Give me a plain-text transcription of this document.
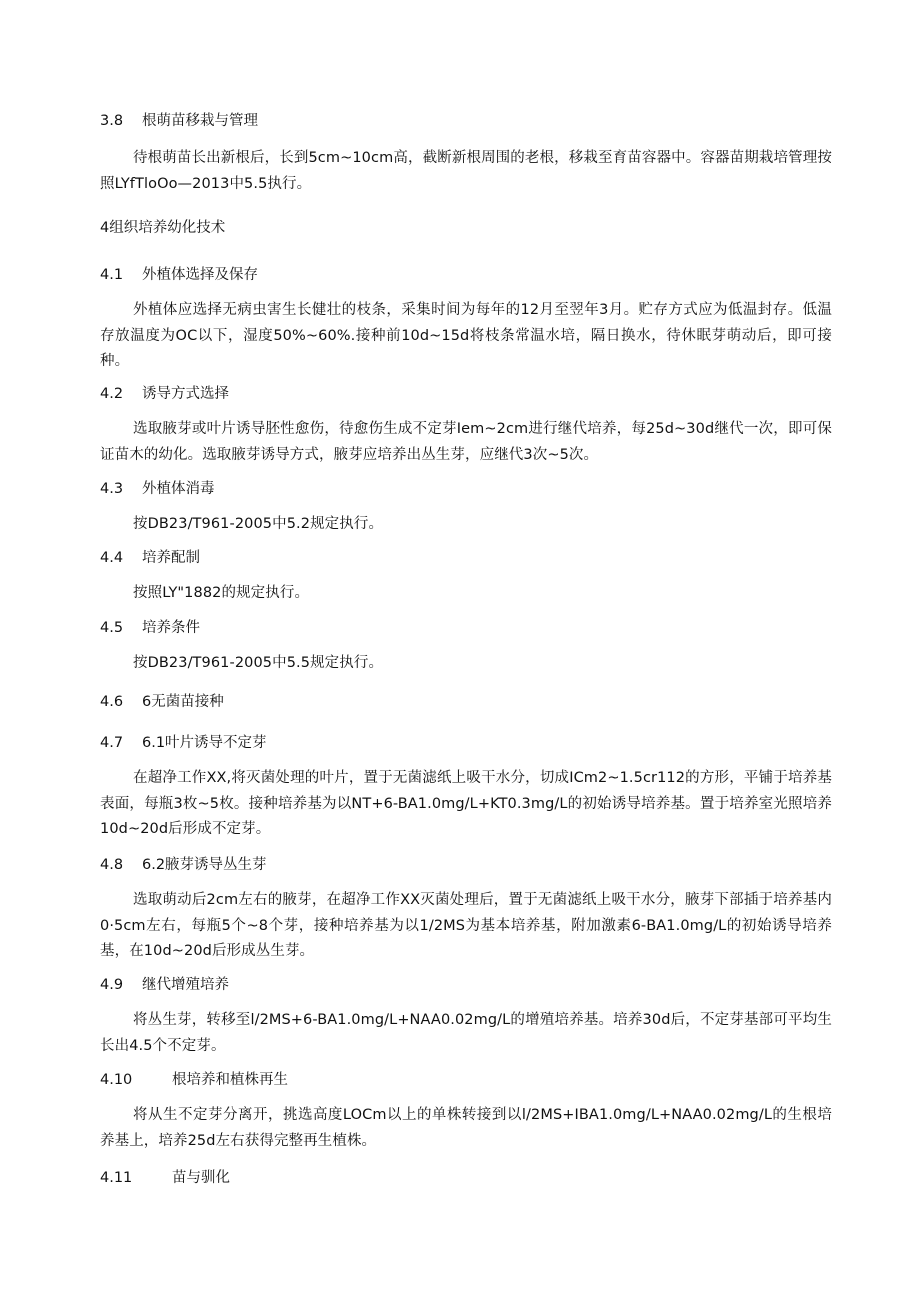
3.8 根萌苗移栽与管理
待根萌苗长出新根后，长到5cm~10cm高，截断新根周围的老根，移栽至育苗容器中。容器苗期栽培管理按照LYfTloOo—2013中5.5执行。
4组织培养幼化技术
4.1 外植体选择及保存
外植体应选择无病虫害生长健壮的枝条，采集时间为每年的12月至翌年3月。贮存方式应为低温封存。低温存放温度为OC以下，湿度50%~60%.接种前10d~15d将枝条常温水培，隔日换水，待休眠芽萌动后，即可接种。
4.2 诱导方式选择
选取腋芽或叶片诱导胚性愈伤，待愈伤生成不定芽Iem~2cm进行继代培养，每25d~30d继代一次，即可保证苗木的幼化。选取腋芽诱导方式，腋芽应培养出丛生芽，应继代3次~5次。
4.3 外植体消毒
按DB23/T961-2005中5.2规定执行。
4.4 培养配制
按照LY"1882的规定执行。
4.5 培养条件
按DB23/T961-2005中5.5规定执行。
4.6 6无菌苗接种
4.7 6.1叶片诱导不定芽
在超净工作XX,将灭菌处理的叶片，置于无菌滤纸上吸干水分，切成ICm2~1.5cr112的方形，平铺于培养基表面，每瓶3枚~5枚。接种培养基为以NT+6-BA1.0mg∕L+KT0.3mg∕L的初始诱导培养基。置于培养室光照培养10d~20d后形成不定芽。
4.8 6.2腋芽诱导丛生芽
选取萌动后2cm左右的腋芽，在超净工作XX灭菌处理后，置于无菌滤纸上吸干水分，腋芽下部插于培养基内0·5cm左右，每瓶5个~8个芽，接种培养基为以1/2MS为基本培养基，附加激素6-BA1.0mg/L的初始诱导培养基，在10d~20d后形成丛生芽。
4.9 继代增殖培养
将丛生芽，转移至l∕2MS+6-BA1.0mg∕L+NAA0.02mg∕L的增殖培养基。培养30d后，不定芽基部可平均生长出4.5个不定芽。
4.10	根培养和植株再生
将从生不定芽分离开，挑选高度LOCm以上的单株转接到以l∕2MS+IBA1.0mg∕L+NAA0.02mg/L的生根培养基上，培养25d左右获得完整再生植株。
4.11	苗与驯化
